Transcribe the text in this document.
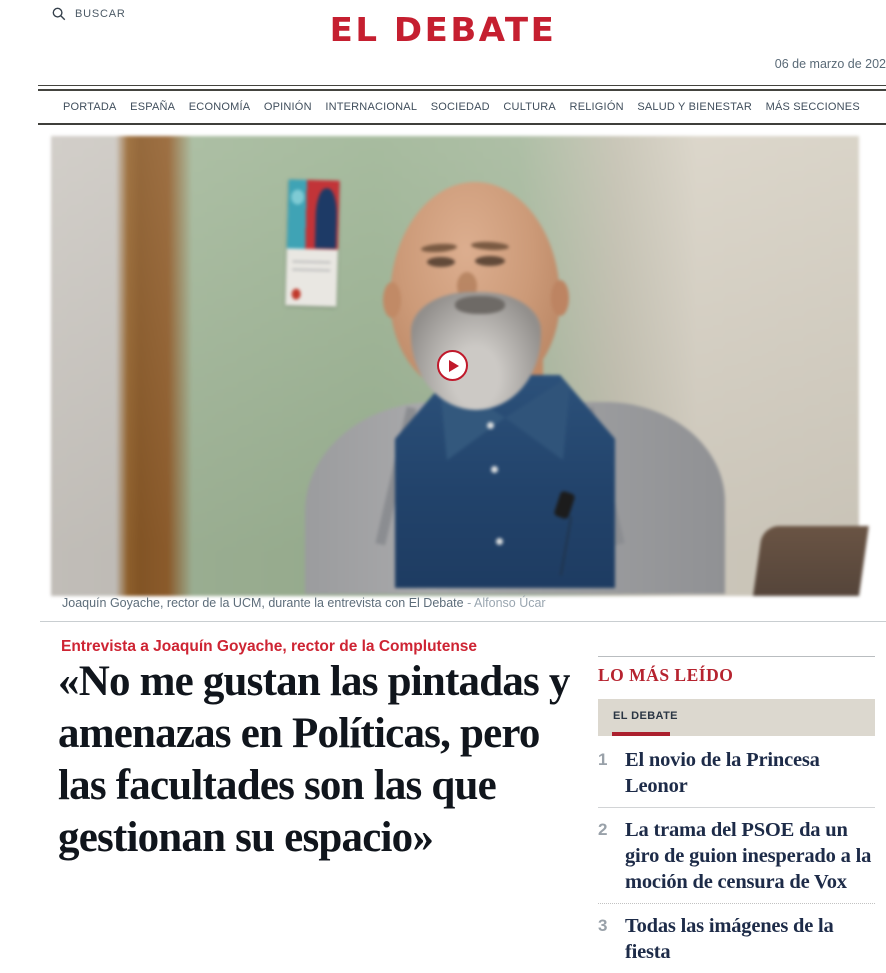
BUSCAR	EL DEBATE
06 de marzo de 202
PORTADA ESPAÑA ECONOMÍA OPINIÓN INTERNACIONAL SOCIEDAD CULTURA RELIGIÓN SALUD Y BIENESTAR MÁS SECCIONES
Joaquín Goyache, rector de la UCM, durante la entrevista con El Debate - Alfonso Úcar
Entrevista a Joaquín Goyache, rector de la Complutense
«No me gustan las pintadas y amenazas en Políticas, pero las facultades son las que gestionan su espacio»
LO MÁS LEÍDO
EL DEBATE
1 El novio de la Princesa Leonor
2 La trama del PSOE da un giro de guion inesperado a la moción de censura de Vox
3 Todas las imágenes de la fiesta
